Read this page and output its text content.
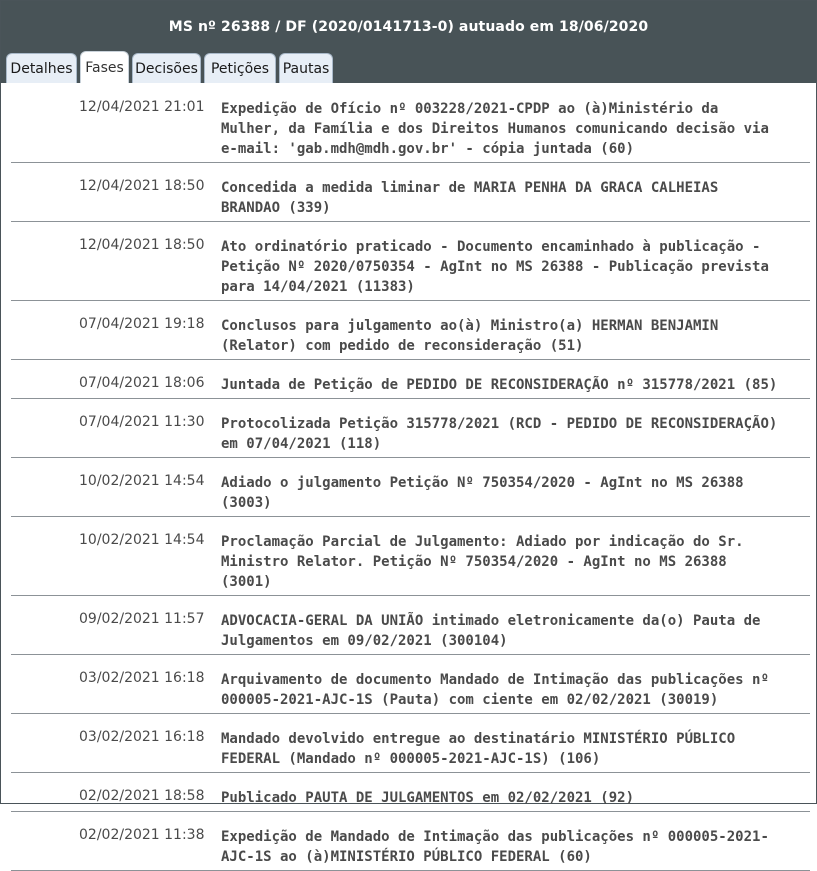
MS nº 26388 / DF (2020/0141713-0) autuado em 18/06/2020
Detalhes Fases Decisões Petições Pautas
12/04/2021 21:01 Expedição de Ofício nº 003228/2021-CPDP ao (à)Ministério da Mulher, da Família e dos Direitos Humanos comunicando decisão via e-mail: 'gab.mdh@mdh.gov.br' - cópia juntada (60)
12/04/2021 18:50 Concedida a medida liminar de MARIA PENHA DA GRACA CALHEIAS BRANDAO (339)
12/04/2021 18:50 Ato ordinatório praticado - Documento encaminhado à publicação - Petição Nº 2020/0750354 - AgInt no MS 26388 - Publicação prevista para 14/04/2021 (11383)
07/04/2021 19:18 Conclusos para julgamento ao(à) Ministro(a) HERMAN BENJAMIN (Relator) com pedido de reconsideração (51)
07/04/2021 18:06 Juntada de Petição de PEDIDO DE RECONSIDERAÇÃO nº 315778/2021 (85)
07/04/2021 11:30 Protocolizada Petição 315778/2021 (RCD - PEDIDO DE RECONSIDERAÇÃO) em 07/04/2021 (118)
10/02/2021 14:54 Adiado o julgamento Petição Nº 750354/2020 - AgInt no MS 26388 (3003)
10/02/2021 14:54 Proclamação Parcial de Julgamento: Adiado por indicação do Sr. Ministro Relator. Petição Nº 750354/2020 - AgInt no MS 26388 (3001)
09/02/2021 11:57 ADVOCACIA-GERAL DA UNIÃO intimado eletronicamente da(o) Pauta de Julgamentos em 09/02/2021 (300104)
03/02/2021 16:18 Arquivamento de documento Mandado de Intimação das publicações nº 000005-2021-AJC-1S (Pauta) com ciente em 02/02/2021 (30019)
03/02/2021 16:18 Mandado devolvido entregue ao destinatário MINISTÉRIO PÚBLICO FEDERAL (Mandado nº 000005-2021-AJC-1S) (106)
02/02/2021 18:58 Publicado PAUTA DE JULGAMENTOS em 02/02/2021 (92)
02/02/2021 11:38 Expedição de Mandado de Intimação das publicações nº 000005-2021-AJC-1S ao (à)MINISTÉRIO PÚBLICO FEDERAL (60)
